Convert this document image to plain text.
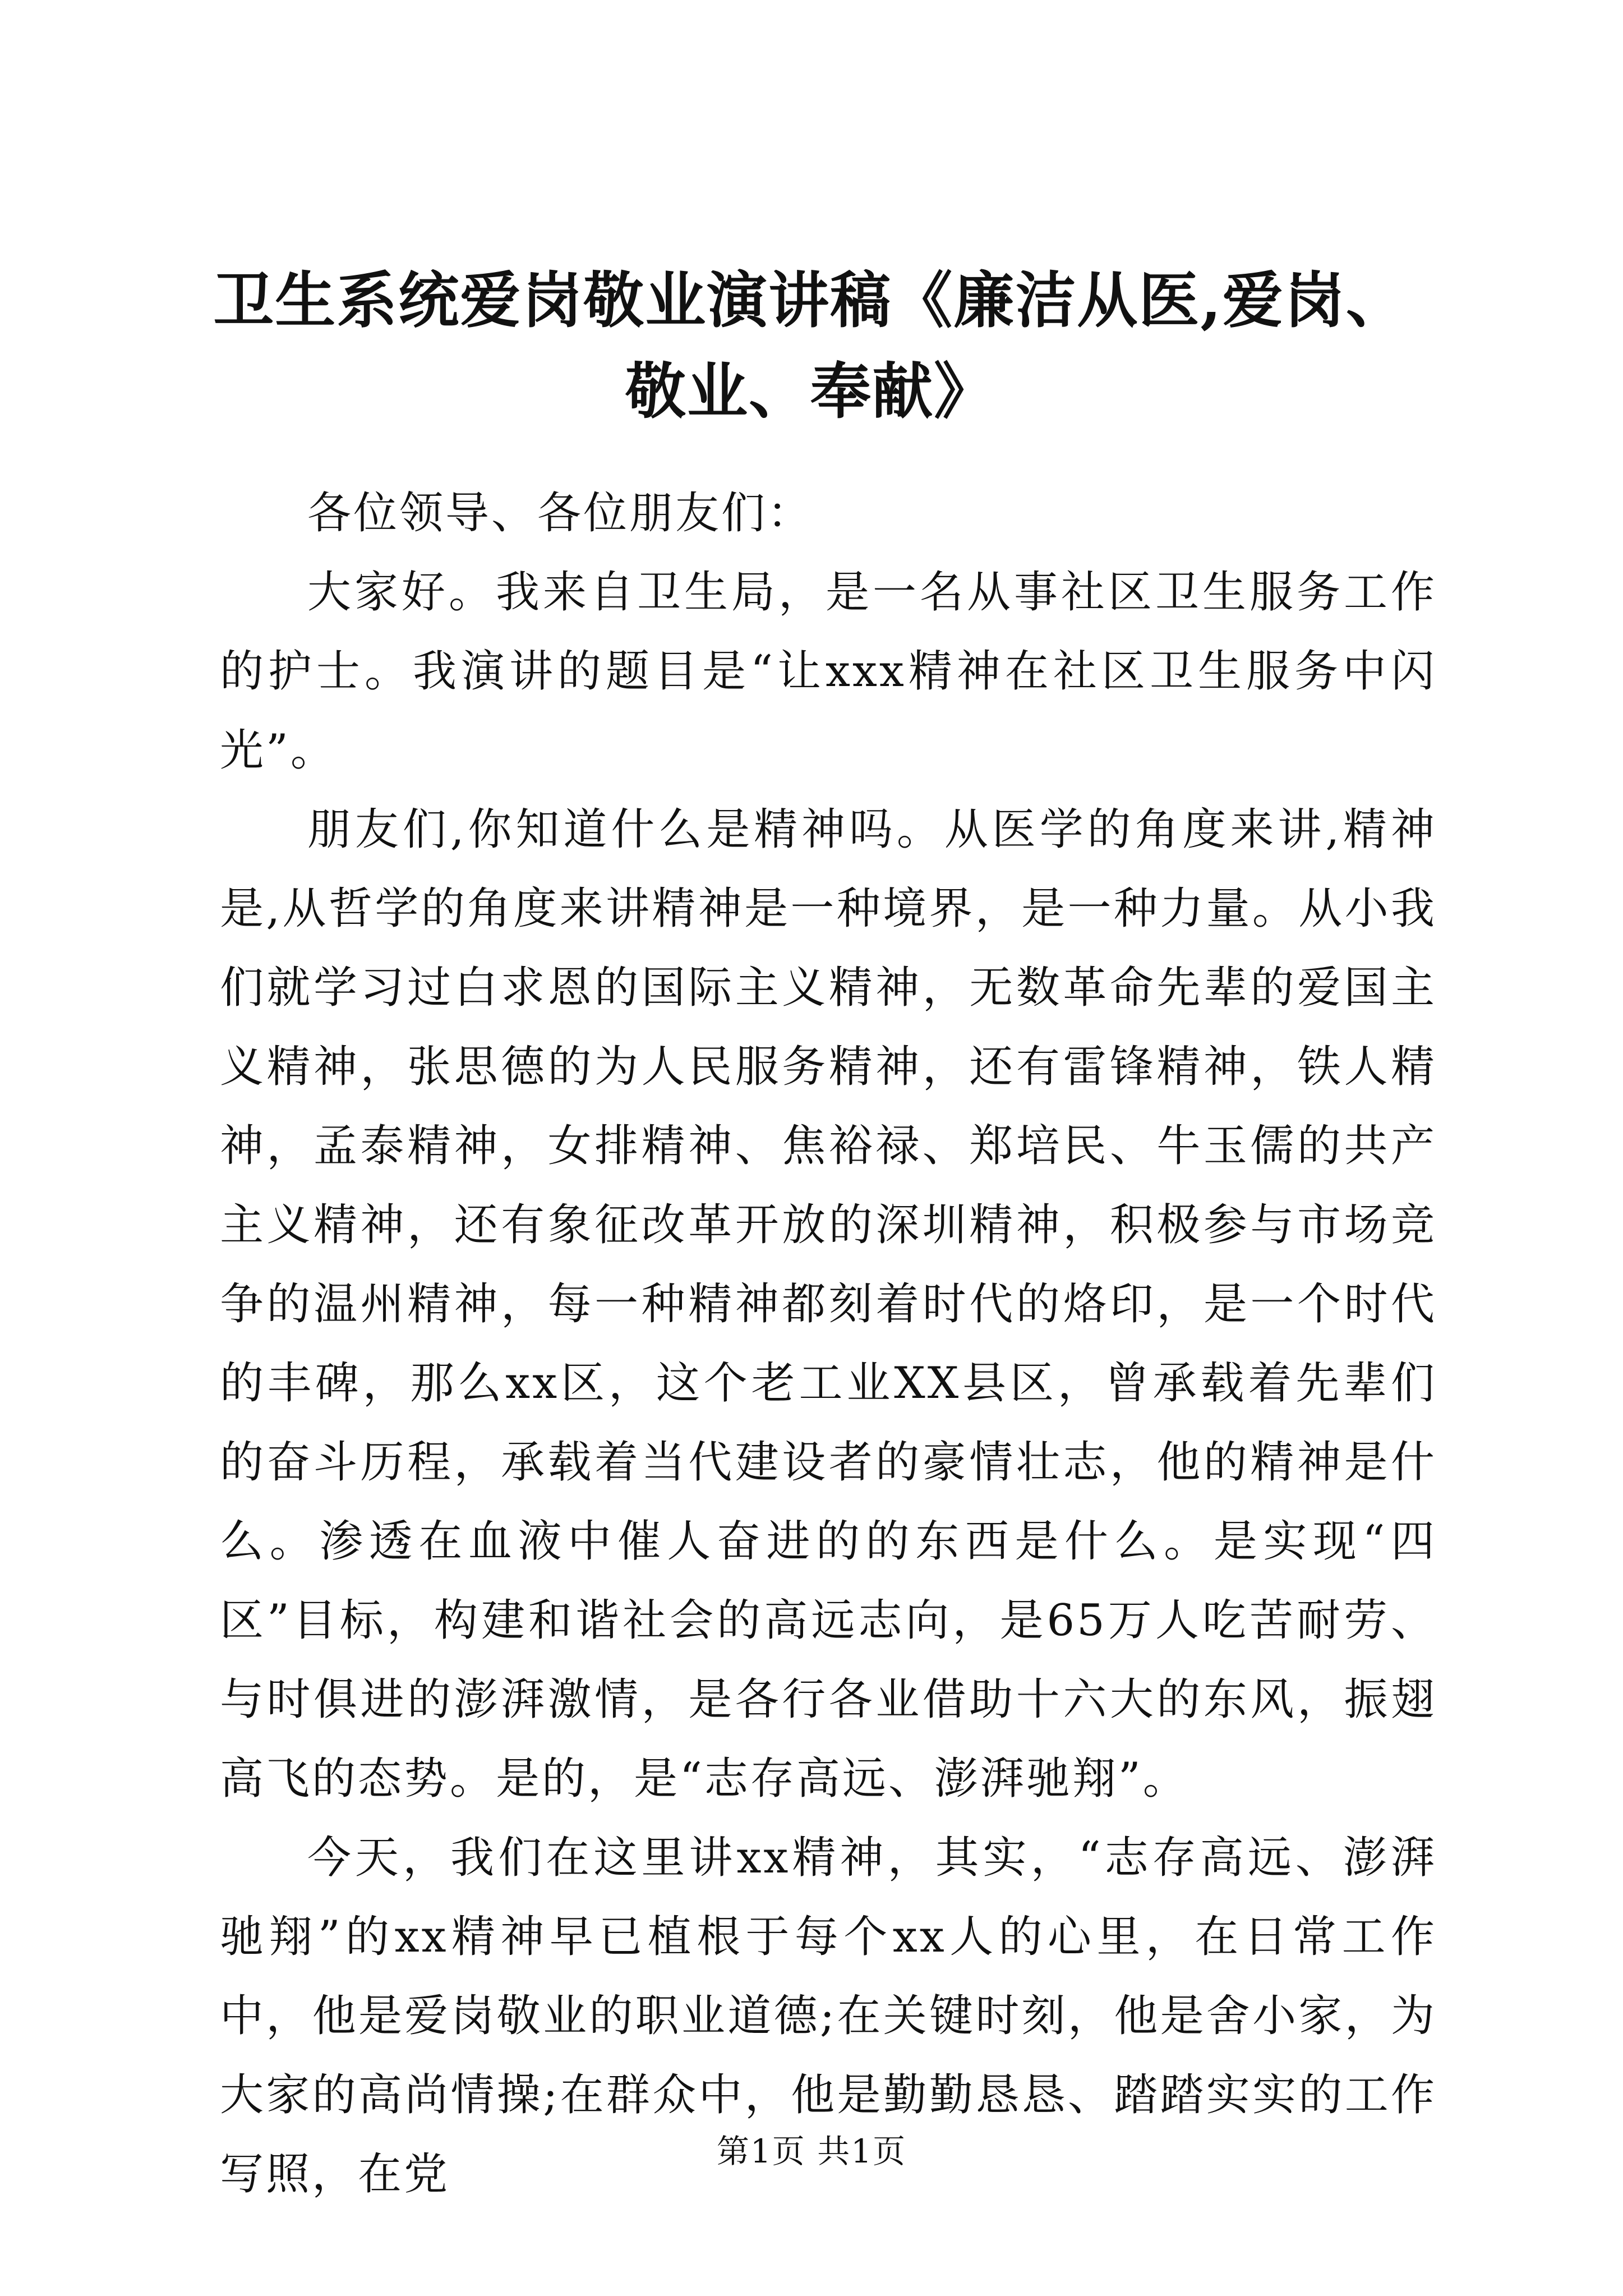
卫生系统爱岗敬业演讲稿《廉洁从医,爱岗、敬业、奉献》

各位领导、各位朋友们：

大家好。我来自卫生局，是一名从事社区卫生服务工作的护士。我演讲的题目是“让xxx精神在社区卫生服务中闪光”。

朋友们,你知道什么是精神吗。从医学的角度来讲,精神是,从哲学的角度来讲精神是一种境界，是一种力量。从小我们就学习过白求恩的国际主义精神，无数革命先辈的爱国主义精神，张思德的为人民服务精神，还有雷锋精神，铁人精神，孟泰精神，女排精神、焦裕禄、郑培民、牛玉儒的共产主义精神，还有象征改革开放的深圳精神，积极参与市场竞争的温州精神，每一种精神都刻着时代的烙印，是一个时代的丰碑，那么xx区，这个老工业XX县区，曾承载着先辈们的奋斗历程，承载着当代建设者的豪情壮志，他的精神是什么。渗透在血液中催人奋进的的东西是什么。是实现“四区”目标，构建和谐社会的高远志向，是65万人吃苦耐劳、与时俱进的澎湃激情，是各行各业借助十六大的东风，振翅高飞的态势。是的，是“志存高远、澎湃驰翔”。

今天，我们在这里讲xx精神，其实，“志存高远、澎湃驰翔”的xx精神早已植根于每个xx人的心里，在日常工作中，他是爱岗敬业的职业道德;在关键时刻，他是舍小家，为大家的高尚情操;在群众中，他是勤勤恳恳、踏踏实实的工作写照，在党	第1页 共1页
